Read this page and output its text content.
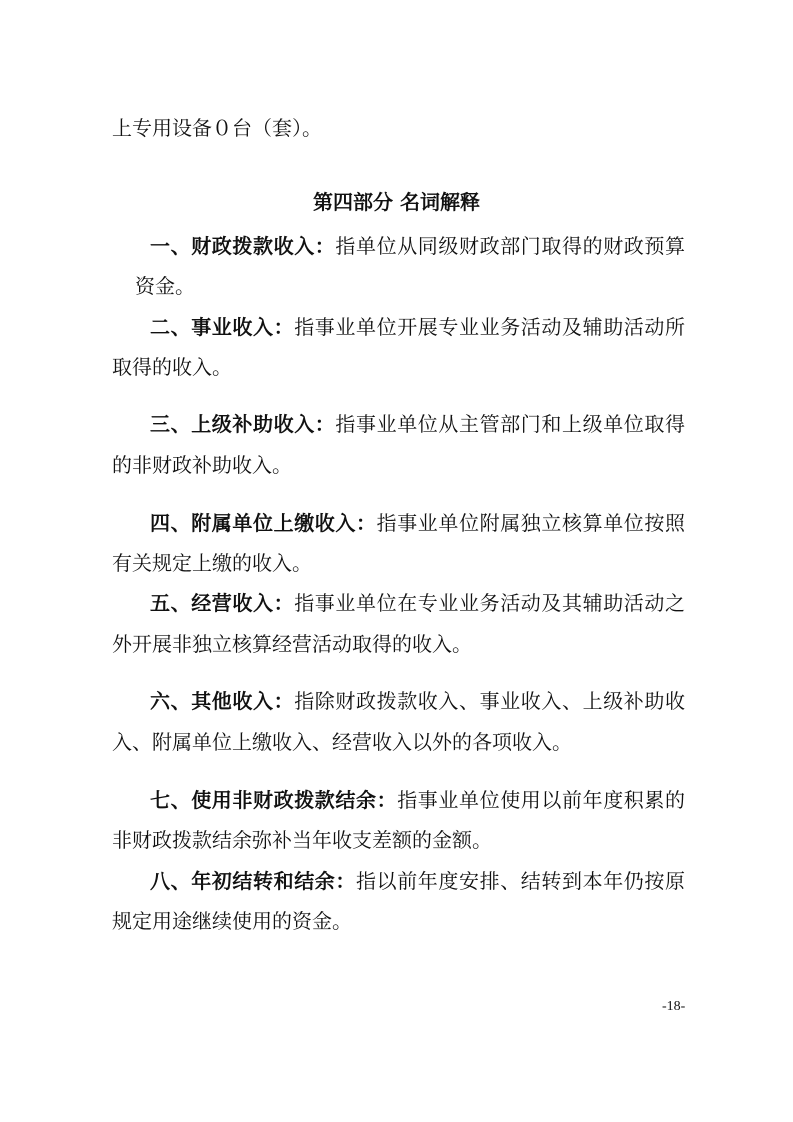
上专用设备０台（套）。
第四部分 名词解释
一、财政拨款收入：指单位从同级财政部门取得的财政预算
资金。
二、事业收入：指事业单位开展专业业务活动及辅助活动所
取得的收入。
三、上级补助收入：指事业单位从主管部门和上级单位取得
的非财政补助收入。
四、附属单位上缴收入：指事业单位附属独立核算单位按照
有关规定上缴的收入。
五、经营收入：指事业单位在专业业务活动及其辅助活动之
外开展非独立核算经营活动取得的收入。
六、其他收入：指除财政拨款收入、事业收入、上级补助收
入、附属单位上缴收入、经营收入以外的各项收入。
七、使用非财政拨款结余：指事业单位使用以前年度积累的
非财政拨款结余弥补当年收支差额的金额。
八、年初结转和结余：指以前年度安排、结转到本年仍按原
规定用途继续使用的资金。
-18-
